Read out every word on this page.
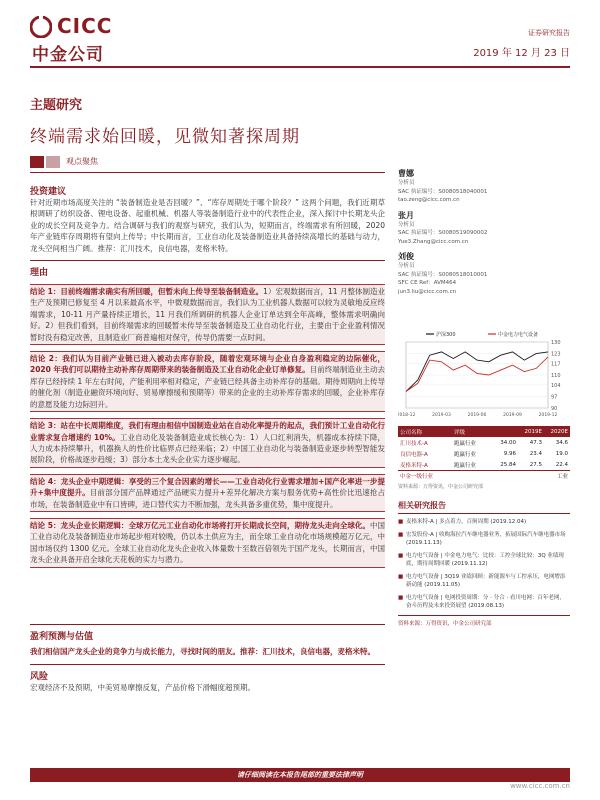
CICC
中金公司
证券研究报告
2019 年 12 月 23 日
主题研究
终端需求始回暖，见微知著探周期
观点聚焦
投资建议
针对近期市场高度关注的 “装备制造业是否回暖？”、“库存周期处于哪个阶段？” 这两个问题，我们近期草根调研了纺织设备、锂电设备、起重机械、机器人等装备制造行业中的代表性企业，深入探讨中长期龙头企业的成长空间及竞争力。结合调研与我们的观察与研究，我们认为，短期而言，终端需求有所回暖，2020 年产业链库存周期将有望向上传导；中长期而言，工业自动化及装备制造业具备持续高增长的基础与动力，龙头空间相当广阔。推荐：汇川技术，良信电器，麦格米特。
理由
结论 1：目前终端需求确实有所回暖，但暂未向上传导至装备制造业。1）宏观数据而言，11 月整体制造业生产及预期已修复至 4 月以来最高水平，中微观数据而言，我们认为工业机器人数据可以较为灵敏地反应终端需求，10-11 月产量持续正增长，11 月我们所调研的机器人企业订单达到全年高峰，整体需求明确向好。2）但我们看到，目前终端需求的回暖暂未传导至装备制造及工业自动化行业，主要由于企业盈利情况暂时没有稳定改善，且制造业厂商普遍相对保守，传导仍需要一点时间。
结论 2：我们认为目前产业链已进入被动去库存阶段，随着宏观环境与企业自身盈利稳定的边际催化，2020 年我们可以期待主动补库存周期带来的装备制造及工业自动化企业订单修复。目前终端制造业主动去库存已经持续 1 年左右时间，产能利用率相对稳定，产业链已经具备主动补库存的基础。期待周期向上传导的催化剂（制造业融资环境向好、贸易摩擦缓和预期等）带来的企业的主动补库存需求的回暖，企业补库存的意愿及能力边际回升。
结论 3：站在中长周期维度，我们有理由相信中国制造业站在自动化率提升的起点，我们预计工业自动化行业需求复合增速约 10%。工业自动化及装备制造业成长核心为：1）人口红利消失，机器成本持续下降，人力成本持续攀升，机器换人的性价比临界点已经来临；2）中国工业自动化与装备制造业逐步转型智能发展阶段，价格战逐步趋缓；3）部分本土龙头企业实力逐步崛起。
结论 4：龙头企业中期逻辑：享受的三个复合因素的增长——工业自动化行业需求增加+国产化率进一步提升+集中度提升。目前部分国产品牌通过产品硬实力提升+差异化解决方案与服务优势+高性价比迅速抢占市场，在装备制造业中有口皆碑，进口替代实力不断加强，龙头具备多重优势，集中度提升。
结论 5：龙头企业长期逻辑：全球万亿元工业自动化市场将打开长期成长空间，期待龙头走向全球化。中国工业自动化及装备制造业市场起步相对较晚，仍以本土供应为主，而全球工业自动化市场规模超万亿元，中国市场仅约 1300 亿元。全球工业自动化龙头企业收入体量数十至数百倍领先于国产龙头，长期而言，中国龙头企业具备开启全球化天花板的实力与潜力。
盈利预测与估值
我们相信国产龙头企业的竞争力与成长能力，寻找时间的朋友。推荐：汇川技术，良信电器，麦格米特。
风险
宏观经济不及预期，中美贸易摩擦反复，产品价格下滑幅度超预期。
曹娜
分析员
SAC 执证编号：S0080518040001
tao.zeng@cicc.com.cn
张月
分析员
SAC 执证编号：S0080519090002
Yue3.Zhang@cicc.com.cn
刘俊
分析员
SAC 执证编号：S0080518010001
SFC CE Ref：AVM464
jun3.liu@cicc.com.cn
90
97
104
110
117
123
130
2018-12	2019-03	2019-06	2019-09	2019-12
沪深300	中金电力电气设备
公司名称	评级	2019E	2020E
汇川技术-A	跑赢行业	34.00	47.3	34.6
良信电器-A	跑赢行业	9.96	23.4	19.0
麦格米特-A	跑赢行业	25.84	27.5	22.4
中金一级行业	工业
资料来源：万得资讯，中金公司研究部
相关研究报告
■ 麦格米特-A | 多点着力，百舸周期 (2019.12.04)
■ 宏发股份-A | 收购海拉汽车继电器业务，拓展国际汽车继电器市场 (2019.11.13)
■ 电力电气设备 | 中金电力电气：比较：工控全球比较：3Q 业绩现底，期待周期回暖 (2019.11.12)
■ 电力电气设备 | 3Q19 业绩回顾：新能源车与工控承压，电网增添新动能 (2019.11.05)
■ 电力电气设备 | 电网投资周期：分 · 分合 · 看川电网：百年老网，奋斗历程及未来投资展望 (2019.08.13)
资料来源：万得资讯，中金公司研究部
请仔细阅读在本报告尾部的重要法律声明
www.cicc.com.cn
